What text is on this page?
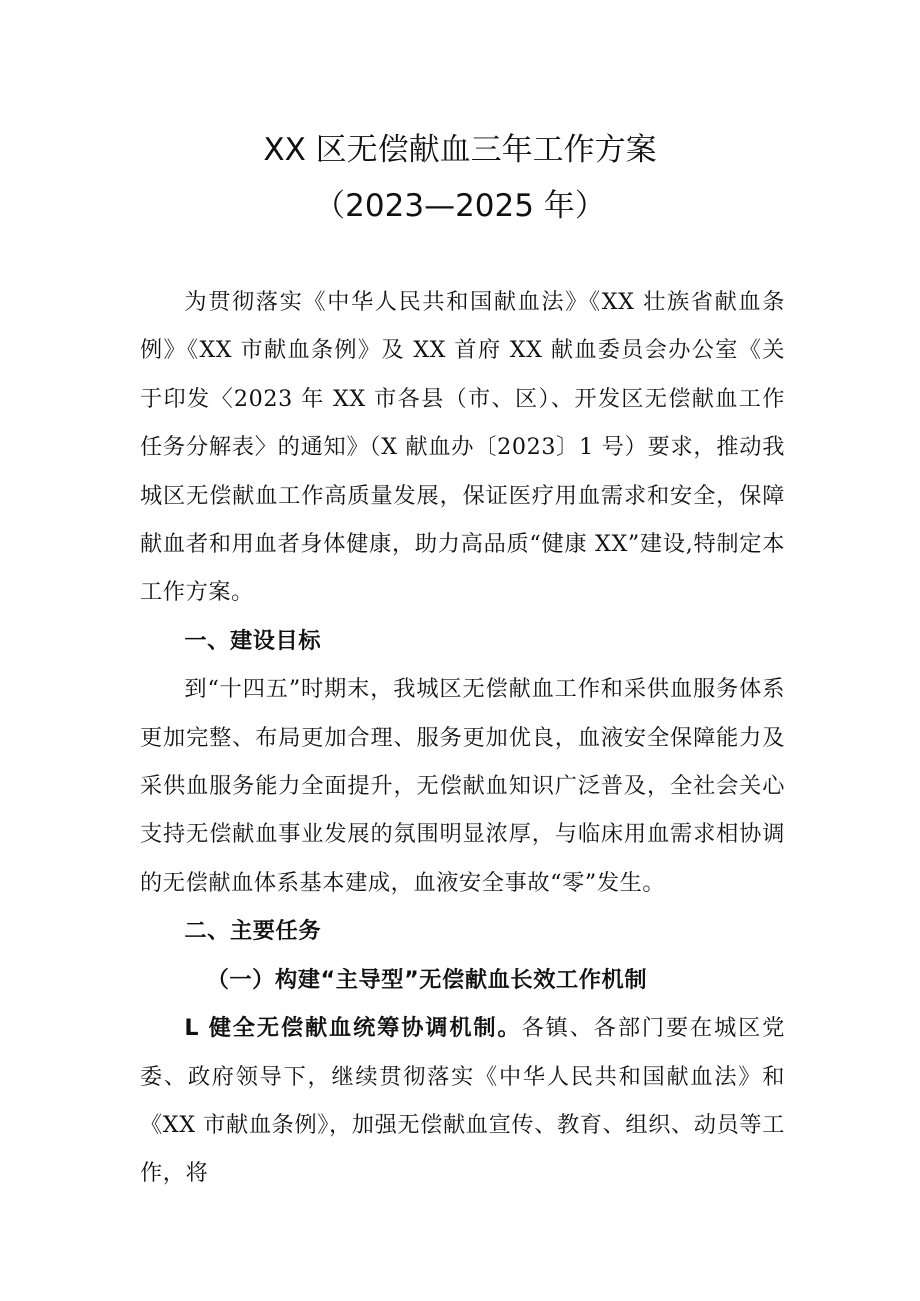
XX 区无偿献血三年工作方案
（2023—2025 年）

为贯彻落实《中华人民共和国献血法》《XX 壮族省献血条例》《XX 市献血条例》及 XX 首府 XX 献血委员会办公室《关于印发〈2023 年 XX 市各县（市、区）、开发区无偿献血工作任务分解表〉的通知》（X 献血办〔2023〕1 号）要求，推动我城区无偿献血工作高质量发展，保证医疗用血需求和安全，保障献血者和用血者身体健康，助力高品质“健康 XX”建设,特制定本工作方案。

一、建设目标

到“十四五”时期末，我城区无偿献血工作和采供血服务体系更加完整、布局更加合理、服务更加优良，血液安全保障能力及采供血服务能力全面提升，无偿献血知识广泛普及，全社会关心支持无偿献血事业发展的氛围明显浓厚，与临床用血需求相协调的无偿献血体系基本建成，血液安全事故“零”发生。

二、主要任务

（一）构建“主导型”无偿献血长效工作机制

L 健全无偿献血统筹协调机制。各镇、各部门要在城区党委、政府领导下，继续贯彻落实《中华人民共和国献血法》和《XX 市献血条例》，加强无偿献血宣传、教育、组织、动员等工作，将
